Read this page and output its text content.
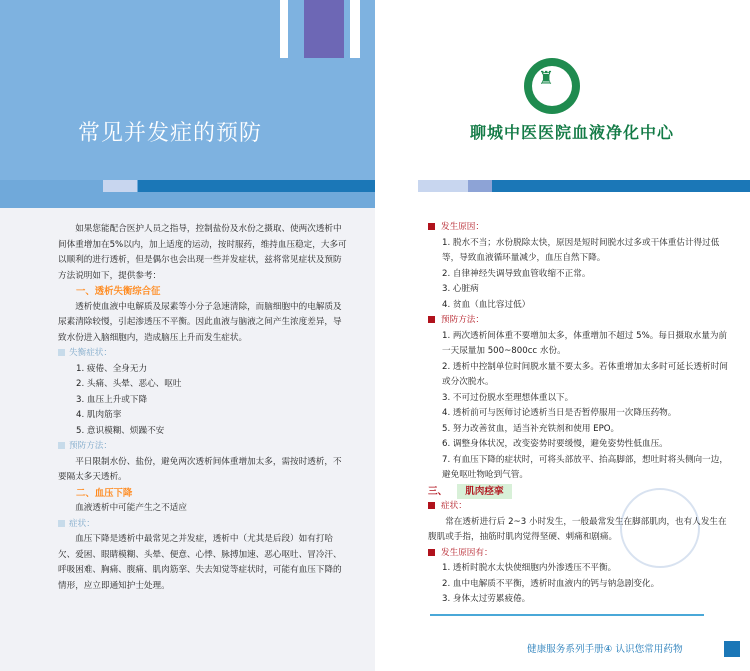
常见并发症的预防

如果您能配合医护人员之指导，控制盐份及水份之摄取、使两次透析中间体重增加在5%以内，加上适度的运动，按时服药，维持血压稳定，大多可以顺利的进行透析，但是偶尔也会出现一些并发症状，兹将常见症状及预防方法说明如下，提供参考：

一、透析失衡综合征

透析使血液中电解质及尿素等小分子急速清除，而脑细胞中的电解质及尿素清除较慢，引起渗透压不平衡。因此血液与脑液之间产生浓度差异，导致水份进入脑细胞内，造成脑压上升而发生症状。

失衡症状：

1. 疲倦、全身无力

2. 头痛、头晕、恶心、呕吐

3. 血压上升或下降

4. 肌肉筋挛

5. 意识模糊、烦躁不安

预防方法：

平日限制水份、盐份，避免两次透析间体重增加太多，需按时透析，不要隔太多天透析。

二、血压下降

血液透析中可能产生之不适应

症状：

血压下降是透析中最常见之并发症，透析中（尤其是后段）如有打哈欠、爱困、眼睛模糊、头晕、便意、心悸、脉搏加速、恶心呕吐、冒冷汗、呼吸困难、胸痛、腹痛、肌肉筋挛、失去知觉等症状时，可能有血压下降的情形，应立即通知护士处理。

♜
聊城中医医院血液净化中心

发生原因：

1. 脱水不当；水份脱除太快，原因是短时间脱水过多或干体重估计得过低等，导致血液循环量减少，血压自然下降。

2. 自律神经失调导致血管收缩不正常。

3. 心脏病

4. 贫血（血比容过低）

预防方法：

1. 两次透析间体重不要增加太多，体重增加不超过 5%。每日摄取水量为前一天尿量加 500~800cc 水份。

2. 透析中控制单位时间脱水量不要太多。若体重增加太多时可延长透析时间或分次脱水。

3. 不可过份脱水至理想体重以下。

4. 透析前可与医师讨论透析当日是否暂停服用一次降压药物。

5. 努力改善贫血，适当补充铁剂和使用 EPO。

6. 调整身体状况，改变姿势时要缓慢，避免姿势性低血压。

7. 有血压下降的症状时，可将头部放平、抬高脚部，想吐时将头侧向一边，避免呕吐物呛到气管。

三、 肌肉痉挛

症状：

常在透析进行后 2~3 小时发生，一般最常发生在脚部肌肉，也有人发生在腹肌或手指，抽筋时肌肉觉得坚硬、刺痛和剧痛。

发生原因有：

1. 透析时脱水太快使细胞内外渗透压不平衡。

2. 血中电解质不平衡，透析时血液内的钙与钠急剧变化。

3. 身体太过劳累疲倦。

健康服务系列手册④ 认识您常用药物
